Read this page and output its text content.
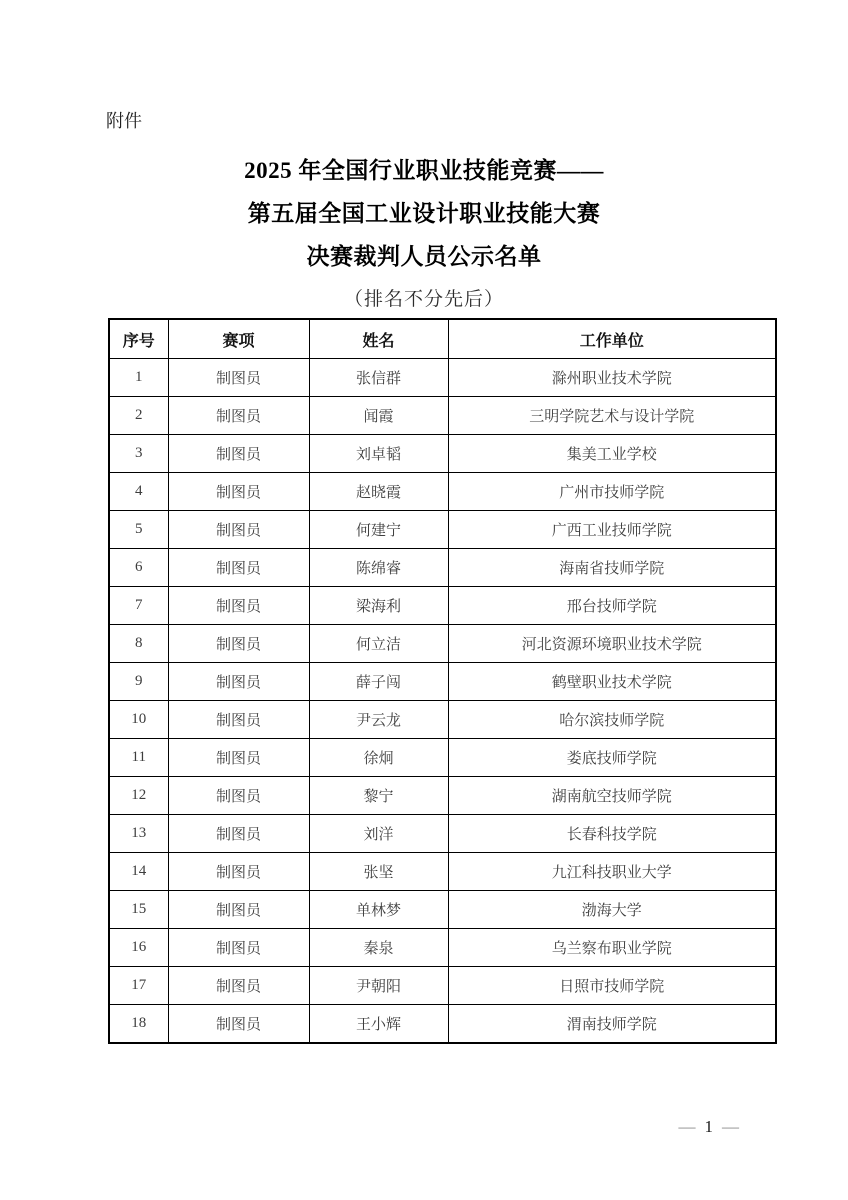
附件
2025 年全国行业职业技能竞赛——
第五届全国工业设计职业技能大赛
决赛裁判人员公示名单
（排名不分先后）
序号	赛项	姓名	工作单位
1	制图员	张信群	滁州职业技术学院
2	制图员	闻霞	三明学院艺术与设计学院
3	制图员	刘卓韬	集美工业学校
4	制图员	赵晓霞	广州市技师学院
5	制图员	何建宁	广西工业技师学院
6	制图员	陈绵睿	海南省技师学院
7	制图员	梁海利	邢台技师学院
8	制图员	何立洁	河北资源环境职业技术学院
9	制图员	薛子闯	鹤壁职业技术学院
10	制图员	尹云龙	哈尔滨技师学院
11	制图员	徐炯	娄底技师学院
12	制图员	黎宁	湖南航空技师学院
13	制图员	刘洋	长春科技学院
14	制图员	张坚	九江科技职业大学
15	制图员	单林梦	渤海大学
16	制图员	秦泉	乌兰察布职业学院
17	制图员	尹朝阳	日照市技师学院
18	制图员	王小辉	渭南技师学院
— 1 —
